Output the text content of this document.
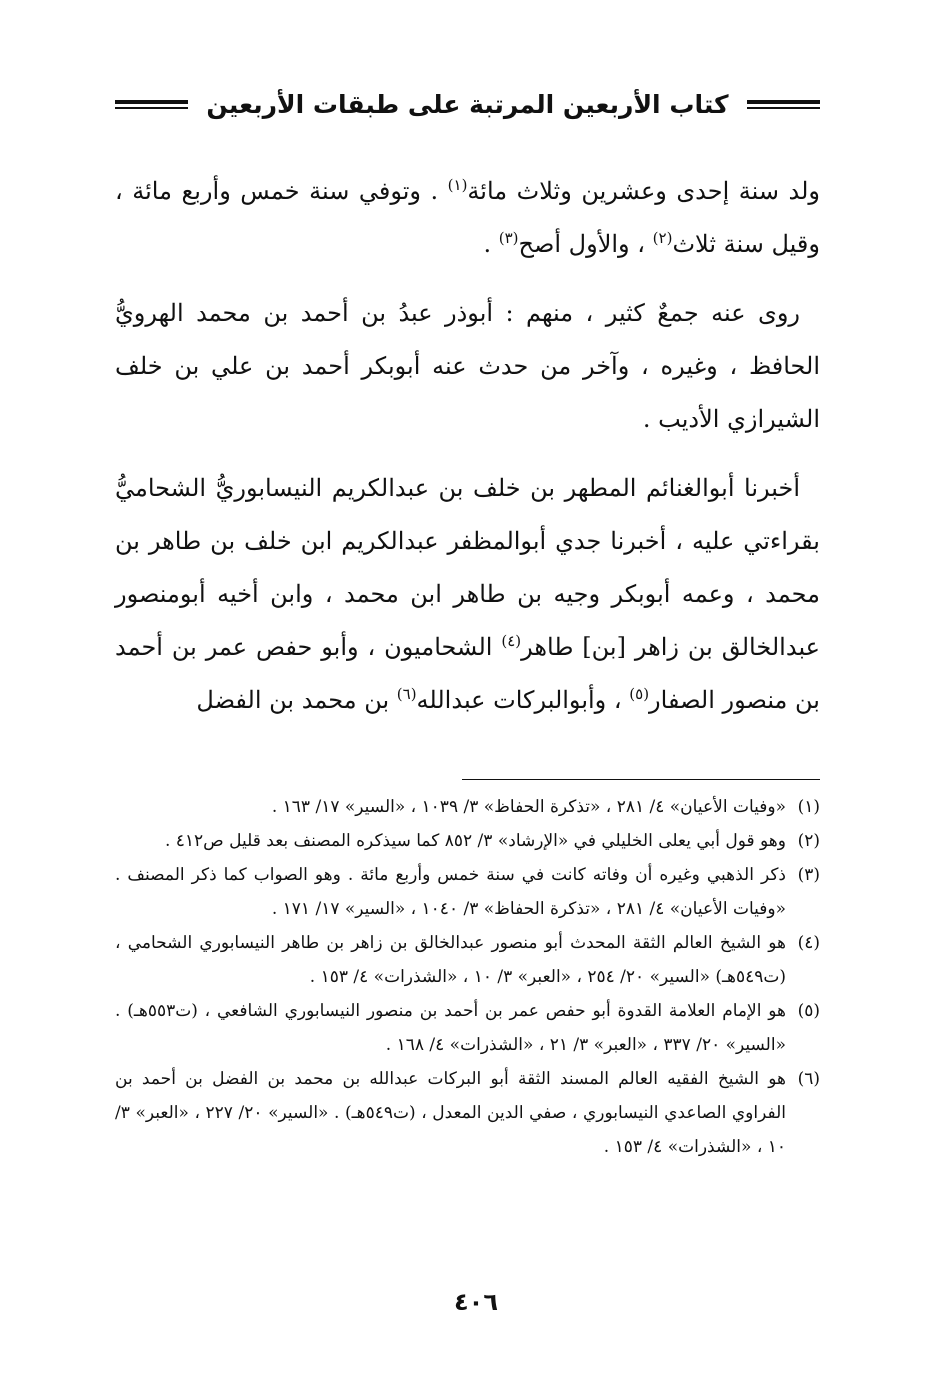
كتاب الأربعين المرتبة على طبقات الأربعين

ولد سنة إحدى وعشرين وثلاث مائة$^{(١)}$ . وتوفي سنة خمس وأربع مائة ، وقيل سنة ثلاث$^{(٢)}$ ، والأول أصح$^{(٣)}$ .

روى عنه جمعٌ كثير ، منهم : أبوذر عبدُ بن أحمد بن محمد الهرويُّ الحافظ ، وغيره ، وآخر من حدث عنه أبوبكر أحمد بن علي بن خلف الشيرازي الأديب .

أخبرنا أبوالغنائم المطهر بن خلف بن عبدالكريم النيسابوريُّ الشحاميُّ بقراءتي عليه ، أخبرنا جدي أبوالمظفر عبدالكريم ابن خلف بن طاهر بن محمد ، وعمه أبوبكر وجيه بن طاهر ابن محمد ، وابن أخيه أبومنصور عبدالخالق بن زاهر [بن] طاهر$^{(٤)}$ الشحاميون ، وأبو حفص عمر بن أحمد بن منصور الصفار$^{(٥)}$ ، وأبوالبركات عبدالله$^{(٦)}$ بن محمد بن الفضل

(١)
«وفيات الأعيان» ٤/ ٢٨١ ، «تذكرة الحفاظ» ٣/ ١٠٣٩ ، «السير» ١٧/ ١٦٣ .
(٢)
وهو قول أبي يعلى الخليلي في «الإرشاد» ٣/ ٨٥٢ كما سيذكره المصنف بعد قليل ص٤١٢ .
(٣)
ذكر الذهبي وغيره أن وفاته كانت في سنة خمس وأربع مائة . وهو الصواب كما ذكر المصنف . «وفيات الأعيان» ٤/ ٢٨١ ، «تذكرة الحفاظ» ٣/ ١٠٤٠ ، «السير» ١٧/ ١٧١ .
(٤)
هو الشيخ العالم الثقة المحدث أبو منصور عبدالخالق بن زاهر بن طاهر النيسابوري الشحامي ، (ت٥٤٩هـ) «السير» ٢٠/ ٢٥٤ ، «العبر» ٣/ ١٠ ، «الشذرات» ٤/ ١٥٣ .
(٥)
هو الإمام العلامة القدوة أبو حفص عمر بن أحمد بن منصور النيسابوري الشافعي ، (ت٥٥٣هـ) . «السير» ٢٠/ ٣٣٧ ، «العبر» ٣/ ٢١ ، «الشذرات» ٤/ ١٦٨ .
(٦)
هو الشيخ الفقيه العالم المسند الثقة أبو البركات عبدالله بن محمد بن الفضل بن أحمد بن الفراوي الصاعدي النيسابوري ، صفي الدين المعدل ، (ت٥٤٩هـ) . «السير» ٢٠/ ٢٢٧ ، «العبر» ٣/ ١٠ ، «الشذرات» ٤/ ١٥٣ .
٤٠٦
